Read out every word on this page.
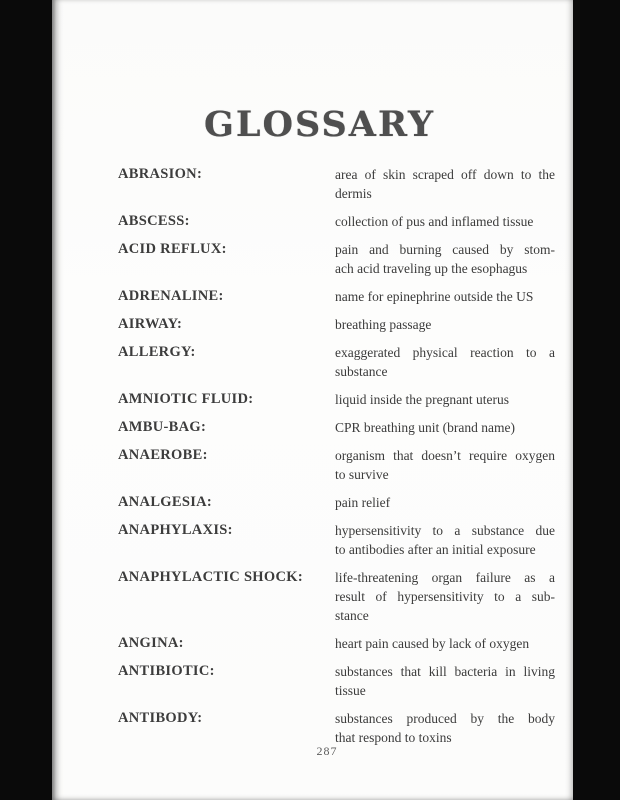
GLOSSARY
ABRASION:	area of skin scraped off down to the
dermis
ABSCESS:	collection of pus and inflamed tissue
ACID REFLUX:	pain and burning caused by stom-
ach acid traveling up the esophagus
ADRENALINE:	name for epinephrine outside the US
AIRWAY:	breathing passage
ALLERGY:	exaggerated physical reaction to a
substance
AMNIOTIC FLUID:	liquid inside the pregnant uterus
AMBU-BAG:	CPR breathing unit (brand name)
ANAEROBE:	organism that doesn’t require oxygen
to survive
ANALGESIA:	pain relief
ANAPHYLAXIS:	hypersensitivity to a substance due
to antibodies after an initial exposure
ANAPHYLACTIC SHOCK:	life-threatening organ failure as a
result of hypersensitivity to a sub-
stance
ANGINA:	heart pain caused by lack of oxygen
ANTIBIOTIC:	substances that kill bacteria in living
tissue
ANTIBODY:	substances produced by the body
that respond to toxins
287
